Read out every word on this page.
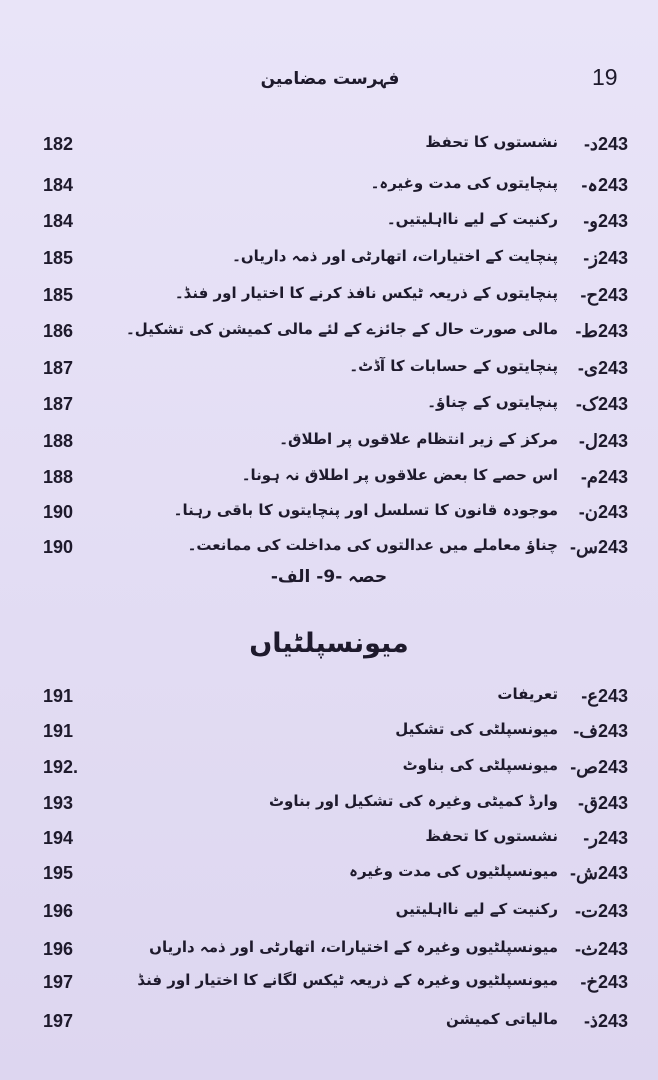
19
فہرست مضامین
182	نشستوں کا تحفظ	243د-
184	پنچایتوں کی مدت وغیرہ۔	243ہ-
184	رکنیت کے لیے نااہلیتیں۔	243و-
185	پنچایت کے اختیارات، اتھارٹی اور ذمہ داریاں۔	243ز-
185	پنچایتوں کے ذریعہ ٹیکس نافذ کرنے کا اختیار اور فنڈ۔	243ح-
186	مالی صورت حال کے جائزے کے لئے مالی کمیشن کی تشکیل۔ 243ط-
187	پنچایتوں کے حسابات کا آڈٹ۔	243ی-
187	پنچایتوں کے چناؤ۔ 243ک-
188	مرکز کے زیر انتظام علاقوں پر اطلاق۔	243ل-
188	اس حصے کا بعض علاقوں پر اطلاق نہ ہونا۔	243م-
190	موجودہ قانون کا تسلسل اور پنچایتوں کا باقی رہنا۔	243ن-
190	چناؤ معاملے میں عدالتوں کی مداخلت کی ممانعت۔ 243س-
حصہ -9- الف-
میونسپلٹیاں
191	تعریفات	243ع-
191	میونسپلٹی کی تشکیل 243ف-
192.	میونسپلٹی کی بناوٹ 243ص-
193	وارڈ کمیٹی وغیرہ کی تشکیل اور بناوٹ	243ق-
194	نشستوں کا تحفظ	243ر-
195	میونسپلٹیوں کی مدت وغیرہ 243ش-
196	رکنیت کے لیے نااہلیتیں 243ت-
196	میونسپلٹیوں وغیرہ کے اختیارات، اتھارٹی اور ذمہ داریاں 243ث-
197	میونسپلٹیوں وغیرہ کے ذریعہ ٹیکس لگانے کا اختیار اور فنڈ	243خ-
197	مالیاتی کمیشن	243ذ-
